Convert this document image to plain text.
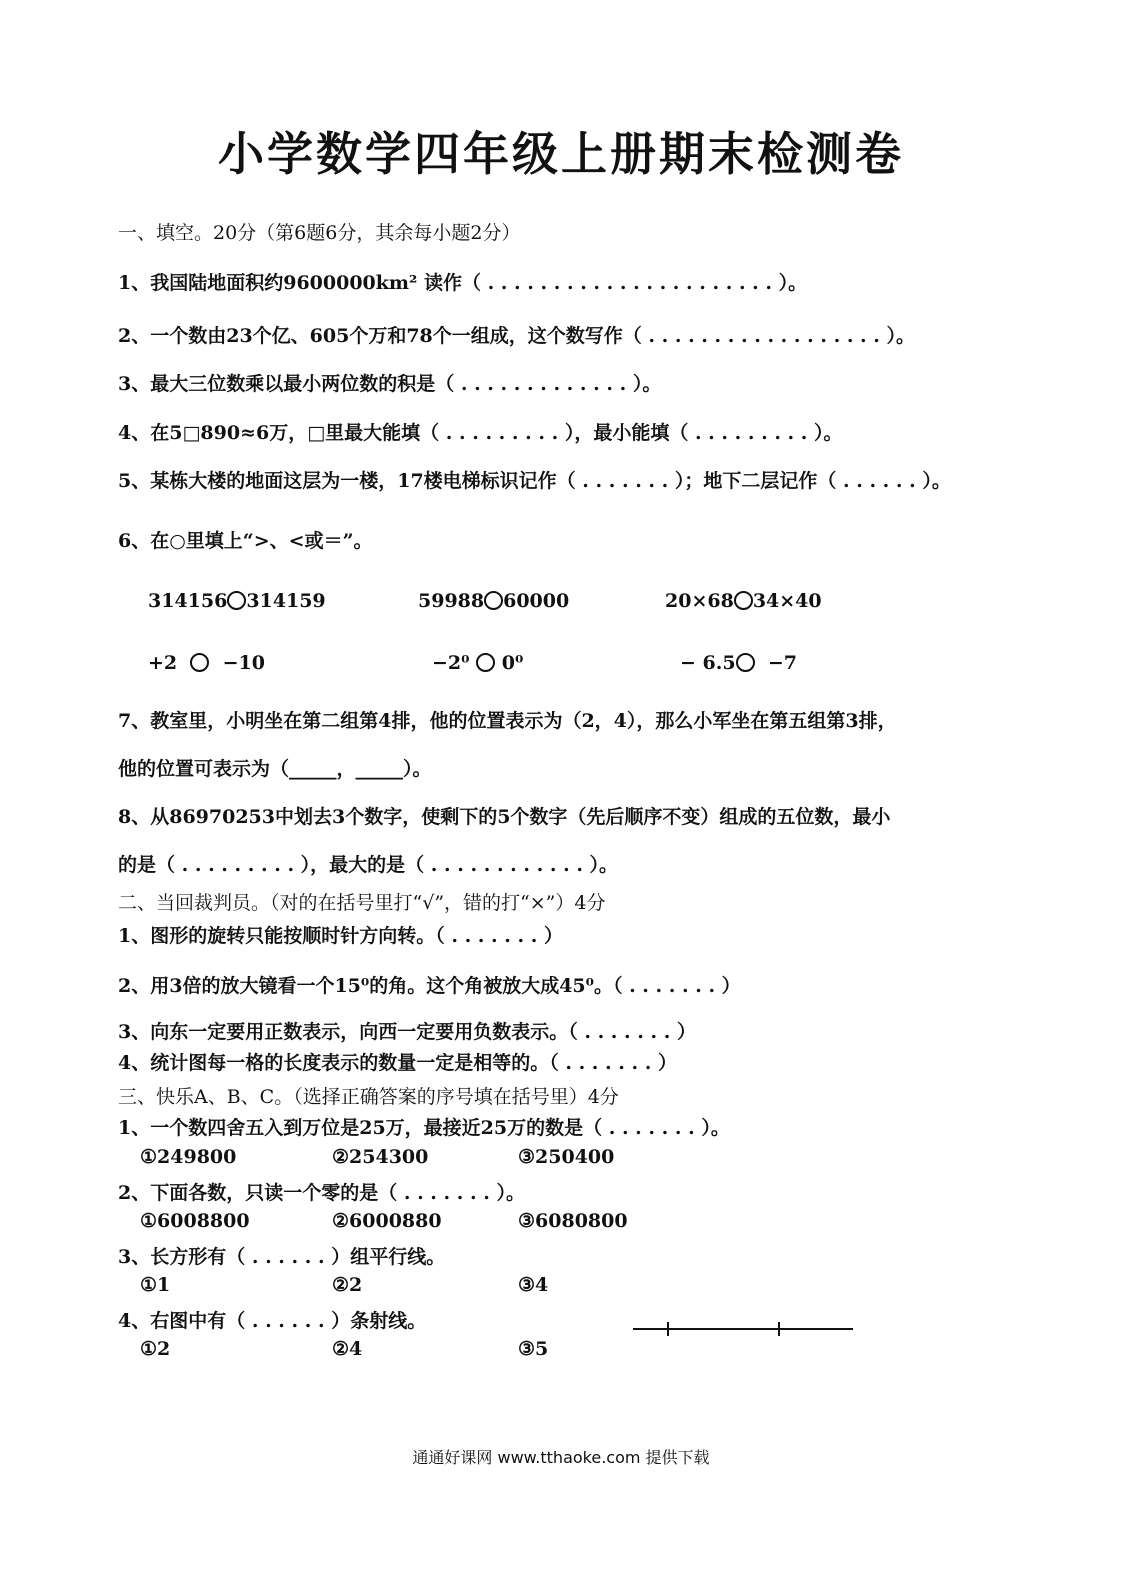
小学数学四年级上册期末检测卷
一、填空。20分（第6题6分，其余每小题2分）
1、我国陆地面积约9600000km² 读作（ . . . . . . . . . . . . . . . . . . . . . . ）。
2、一个数由23个亿、605个万和78个一组成，这个数写作（ . . . . . . . . . . . . . . . . . . ）。
3、最大三位数乘以最小两位数的积是（ . . . . . . . . . . . . . ）。
4、在5□890≈6万，□里最大能填（ . . . . . . . . . ），最小能填（ . . . . . . . . . ）。
5、某栋大楼的地面这层为一楼，17楼电梯标识记作（ . . . . . . . ）；地下二层记作（ . . . . . . ）。
6、在○里填上“>、<或＝”。
314156 314159	59988 60000	20×68 34×40
+2 −10	−2⁰ 0⁰	− 6.5 −7
7、教室里，小明坐在第二组第4排，他的位置表示为（2，4），那么小军坐在第五组第3排，
他的位置可表示为（_____，_____）。
8、从86970253中划去3个数字，使剩下的5个数字（先后顺序不变）组成的五位数，最小
的是（ . . . . . . . . . ），最大的是（ . . . . . . . . . . . . ）。
二、当回裁判员。（对的在括号里打“√”，错的打“×”）4分
1、图形的旋转只能按顺时针方向转。（ . . . . . . . ）
2、用3倍的放大镜看一个15⁰的角。这个角被放大成45⁰。（ . . . . . . . ）
3、向东一定要用正数表示，向西一定要用负数表示。（ . . . . . . . ）
4、统计图每一格的长度表示的数量一定是相等的。（ . . . . . . . ）
三、快乐A、B、C。（选择正确答案的序号填在括号里）4分
1、一个数四舍五入到万位是25万，最接近25万的数是（ . . . . . . . ）。
①249800	②254300	③250400
2、下面各数，只读一个零的是（ . . . . . . . ）。
①6008800	②6000880	③6080800
3、长方形有（ . . . . . . ）组平行线。
①1	②2	③4
4、右图中有（ . . . . . . ）条射线。
①2	②4	③5
通通好课网 www.tthaoke.com 提供下载
